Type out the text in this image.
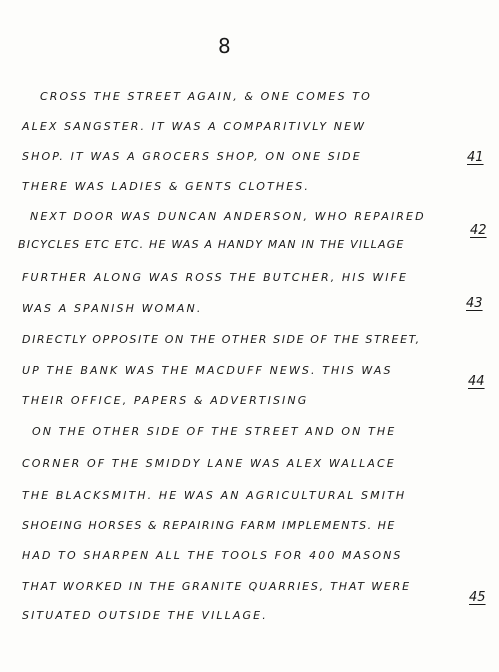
8
CROSS THE STREET AGAIN, & ONE COMES TO
ALEX SANGSTER. IT WAS A COMPARITIVLY NEW
SHOP. IT WAS A GROCERS SHOP, ON ONE SIDE
THERE WAS LADIES & GENTS CLOTHES.
NEXT DOOR WAS DUNCAN ANDERSON, WHO REPAIRED
BICYCLES ETC ETC. HE WAS A HANDY MAN IN THE VILLAGE
FURTHER ALONG WAS ROSS THE BUTCHER, HIS WIFE
WAS A SPANISH WOMAN.
DIRECTLY OPPOSITE ON THE OTHER SIDE OF THE STREET,
UP THE BANK WAS THE MACDUFF NEWS. THIS WAS
THEIR OFFICE, PAPERS & ADVERTISING
ON THE OTHER SIDE OF THE STREET AND ON THE
CORNER OF THE SMIDDY LANE WAS ALEX WALLACE
THE BLACKSMITH. HE WAS AN AGRICULTURAL SMITH
SHOEING HORSES & REPAIRING FARM IMPLEMENTS. HE
HAD TO SHARPEN ALL THE TOOLS FOR 400 MASONS
THAT WORKED IN THE GRANITE QUARRIES, THAT WERE
SITUATED OUTSIDE THE VILLAGE.
41
42
43
44
45
